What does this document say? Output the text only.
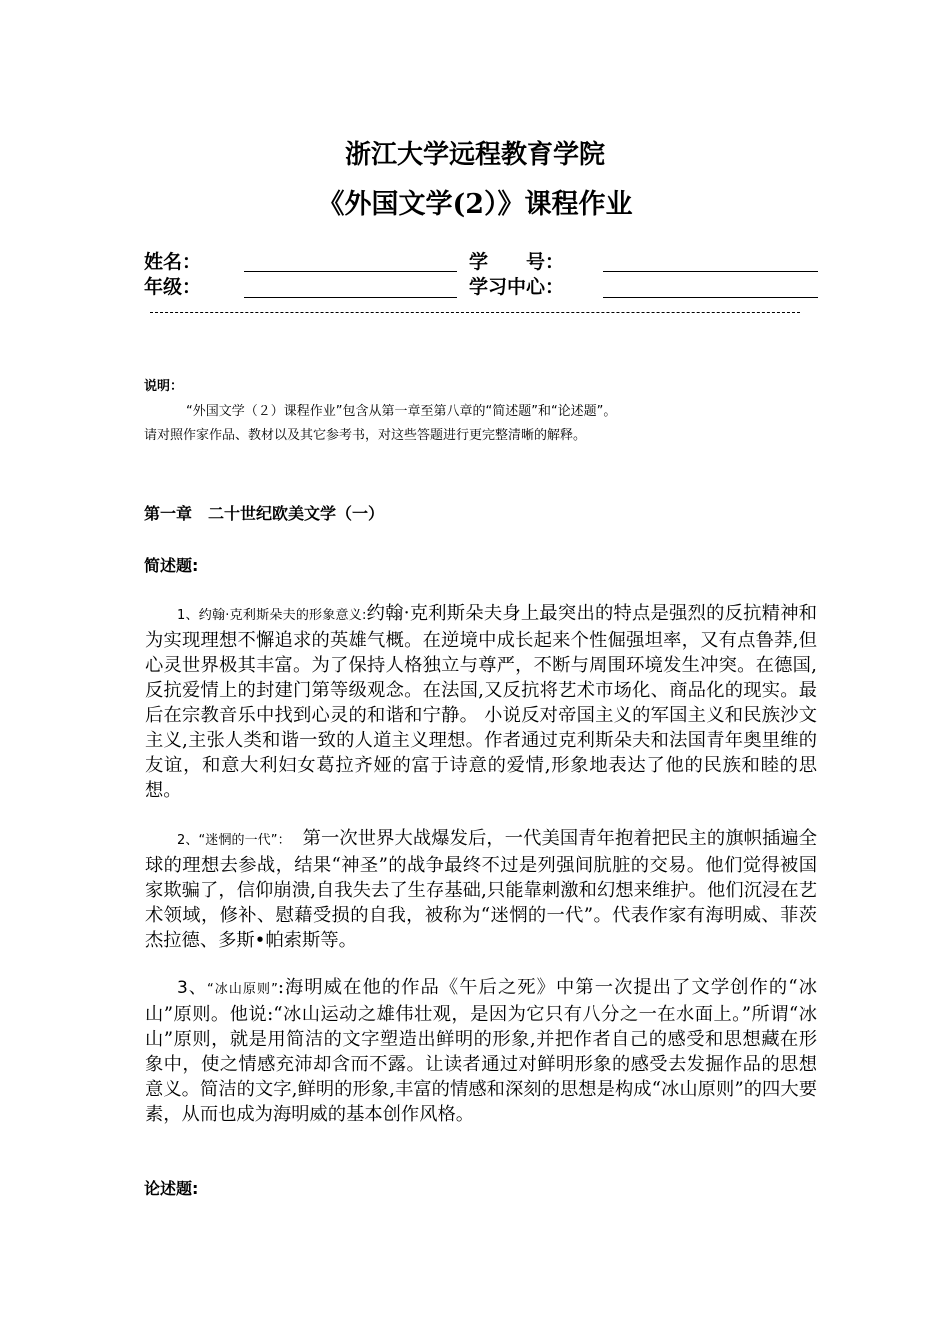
浙江大学远程教育学院
《外国文学(2）》课程作业
姓名：	学　　号：
年级：	学习中心：
说明：
“外国文学（２）课程作业”包含从第一章至第八章的“简述题”和“论述题”。
请对照作家作品、教材以及其它参考书，对这些答题进行更完整清晰的解释。
第一章　二十世纪欧美文学（一）
简述题:
1、约翰·克利斯朵夫的形象意义:约翰·克利斯朵夫身上最突出的特点是强烈的反抗精神和为实现理想不懈追求的英雄气概。在逆境中成长起来个性倔强坦率，又有点鲁莽,但心灵世界极其丰富。为了保持人格独立与尊严，不断与周围环境发生冲突。在德国,反抗爱情上的封建门第等级观念。在法国,又反抗将艺术市场化、商品化的现实。最后在宗教音乐中找到心灵的和谐和宁静。 小说反对帝国主义的军国主义和民族沙文主义,主张人类和谐一致的人道主义理想。作者通过克利斯朵夫和法国青年奥里维的友谊，和意大利妇女葛拉齐娅的富于诗意的爱情,形象地表达了他的民族和睦的思想。
2、“迷惘的一代”：　第一次世界大战爆发后，一代美国青年抱着把民主的旗帜插遍全球的理想去参战，结果“神圣”的战争最终不过是列强间肮脏的交易。他们觉得被国家欺骗了，信仰崩溃,自我失去了生存基础,只能靠刺激和幻想来维护。他们沉浸在艺术领域，修补、慰藉受损的自我，被称为“迷惘的一代”。代表作家有海明威、菲茨杰拉德、多斯•帕索斯等。
3、“冰山原则”:海明威在他的作品《午后之死》中第一次提出了文学创作的“冰山”原则。他说:“冰山运动之雄伟壮观，是因为它只有八分之一在水面上。”所谓“冰山”原则，就是用简洁的文字塑造出鲜明的形象,并把作者自己的感受和思想藏在形象中，使之情感充沛却含而不露。让读者通过对鲜明形象的感受去发掘作品的思想意义。简洁的文字,鲜明的形象,丰富的情感和深刻的思想是构成“冰山原则”的四大要素，从而也成为海明威的基本创作风格。
论述题:
